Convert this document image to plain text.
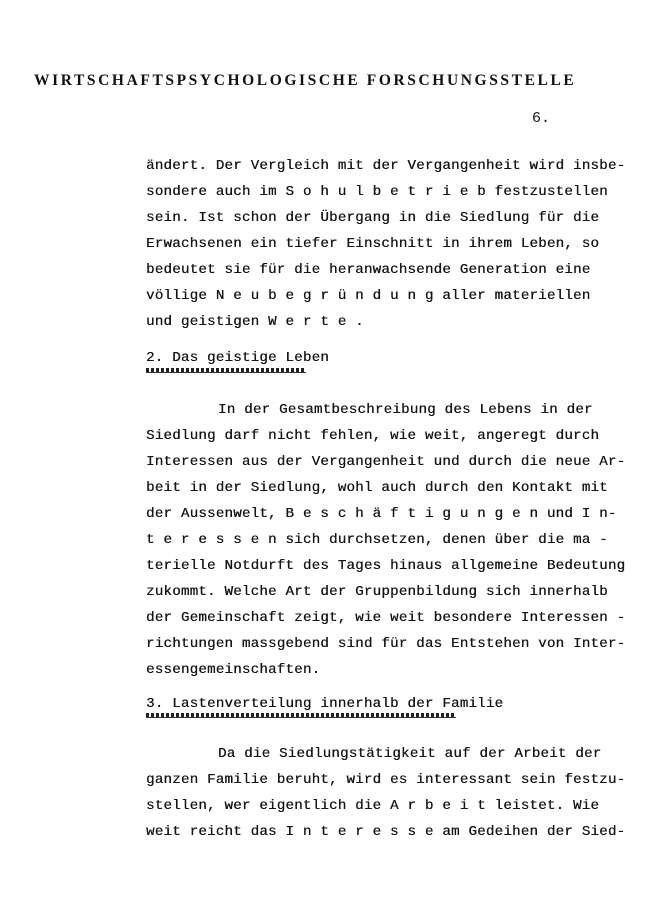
WIRTSCHAFTSPSYCHOLOGISCHE FORSCHUNGSSTELLE
6.
ändert. Der Vergleich mit der Vergangenheit wird insbe-
sondere auch im S o h u l b e t r i e b festzustellen
sein. Ist schon der Übergang in die Siedlung für die
Erwachsenen ein tiefer Einschnitt in ihrem Leben, so
bedeutet sie für die heranwachsende Generation eine
völlige N e u b e g r ü n d u n g aller materiellen
und geistigen W e r t e .
2. Das geistige Leben
In der Gesamtbeschreibung des Lebens in der
Siedlung darf nicht fehlen, wie weit, angeregt durch
Interessen aus der Vergangenheit und durch die neue Ar-
beit in der Siedlung, wohl auch durch den Kontakt mit
der Aussenwelt, B e s c h ä f t i g u n g e n und I n-
t e r e s s e n sich durchsetzen, denen über die ma -
terielle Notdurft des Tages hinaus allgemeine Bedeutung
zukommt. Welche Art der Gruppenbildung sich innerhalb
der Gemeinschaft zeigt, wie weit besondere Interessen -
richtungen massgebend sind für das Entstehen von Inter-
essengemeinschaften.
3. Lastenverteilung innerhalb der Familie
Da die Siedlungstätigkeit auf der Arbeit der
ganzen Familie beruht, wird es interessant sein festzu-
stellen, wer eigentlich die A r b e i t leistet. Wie
weit reicht das I n t e r e s s e am Gedeihen der Sied-
